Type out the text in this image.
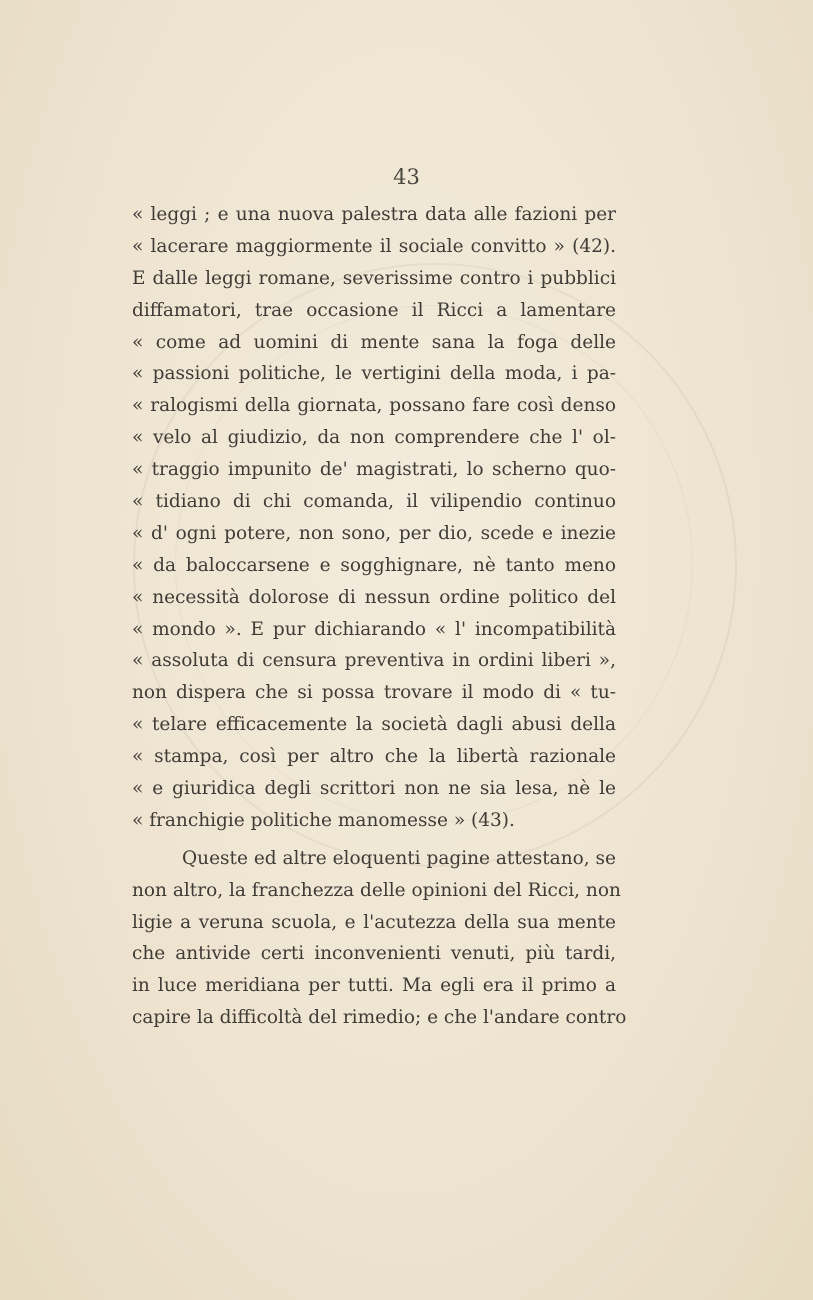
43
« leggi ; e una nuova palestra data alle fazioni per
« lacerare maggiormente il sociale convitto » (42).
E dalle leggi romane, severissime contro i pubblici
diffamatori, trae occasione il Ricci a lamentare
« come ad uomini di mente sana la foga delle
« passioni politiche, le vertigini della moda, i pa-
« ralogismi della giornata, possano fare così denso
« velo al giudizio, da non comprendere che l' ol-
« traggio impunito de' magistrati, lo scherno quo-
« tidiano di chi comanda, il vilipendio continuo
« d' ogni potere, non sono, per dio, scede e inezie
« da baloccarsene e sogghignare, nè tanto meno
« necessità dolorose di nessun ordine politico del
« mondo ». E pur dichiarando « l' incompatibilità
« assoluta di censura preventiva in ordini liberi »,
non dispera che si possa trovare il modo di « tu-
« telare efficacemente la società dagli abusi della
« stampa, così per altro che la libertà razionale
« e giuridica degli scrittori non ne sia lesa, nè le
« franchigie politiche manomesse » (43).
Queste ed altre eloquenti pagine attestano, se
non altro, la franchezza delle opinioni del Ricci, non
ligie a veruna scuola, e l'acutezza della sua mente
che antivide certi inconvenienti venuti, più tardi,
in luce meridiana per tutti. Ma egli era il primo a
capire la difficoltà del rimedio; e che l'andare contro
